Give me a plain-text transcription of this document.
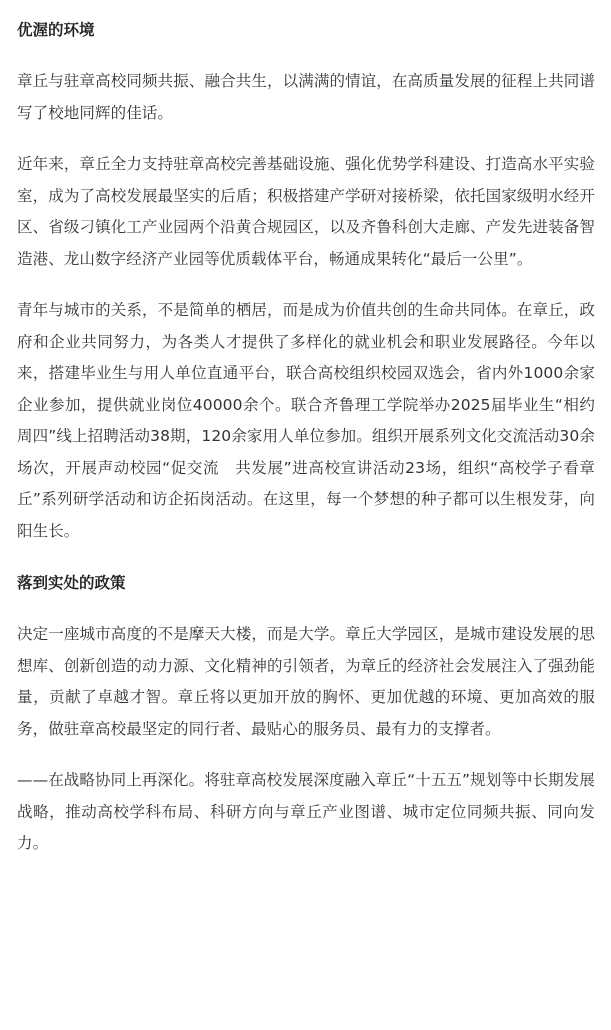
优渥的环境

章丘与驻章高校同频共振、融合共生，以满满的情谊，在高质量发展的征程上共同谱写了校地同辉的佳话。

近年来，章丘全力支持驻章高校完善基础设施、强化优势学科建设、打造高水平实验室，成为了高校发展最坚实的后盾；积极搭建产学研对接桥梁，依托国家级明水经开区、省级刁镇化工产业园两个沿黄合规园区，以及齐鲁科创大走廊、产发先进装备智造港、龙山数字经济产业园等优质载体平台，畅通成果转化“最后一公里”。

青年与城市的关系，不是简单的栖居，而是成为价值共创的生命共同体。在章丘，政府和企业共同努力，为各类人才提供了多样化的就业机会和职业发展路径。今年以来，搭建毕业生与用人单位直通平台，联合高校组织校园双选会，省内外1000余家企业参加，提供就业岗位40000余个。联合齐鲁理工学院举办2025届毕业生“相约周四”线上招聘活动38期，120余家用人单位参加。组织开展系列文化交流活动30余场次，开展声动校园“促交流　共发展”进高校宣讲活动23场，组织“高校学子看章丘”系列研学活动和访企拓岗活动。在这里，每一个梦想的种子都可以生根发芽，向阳生长。

落到实处的政策

决定一座城市高度的不是摩天大楼，而是大学。章丘大学园区，是城市建设发展的思想库、创新创造的动力源、文化精神的引领者，为章丘的经济社会发展注入了强劲能量，贡献了卓越才智。章丘将以更加开放的胸怀、更加优越的环境、更加高效的服务，做驻章高校最坚定的同行者、最贴心的服务员、最有力的支撑者。

——在战略协同上再深化。将驻章高校发展深度融入章丘“十五五”规划等中长期发展战略，推动高校学科布局、科研方向与章丘产业图谱、城市定位同频共振、同向发力。
